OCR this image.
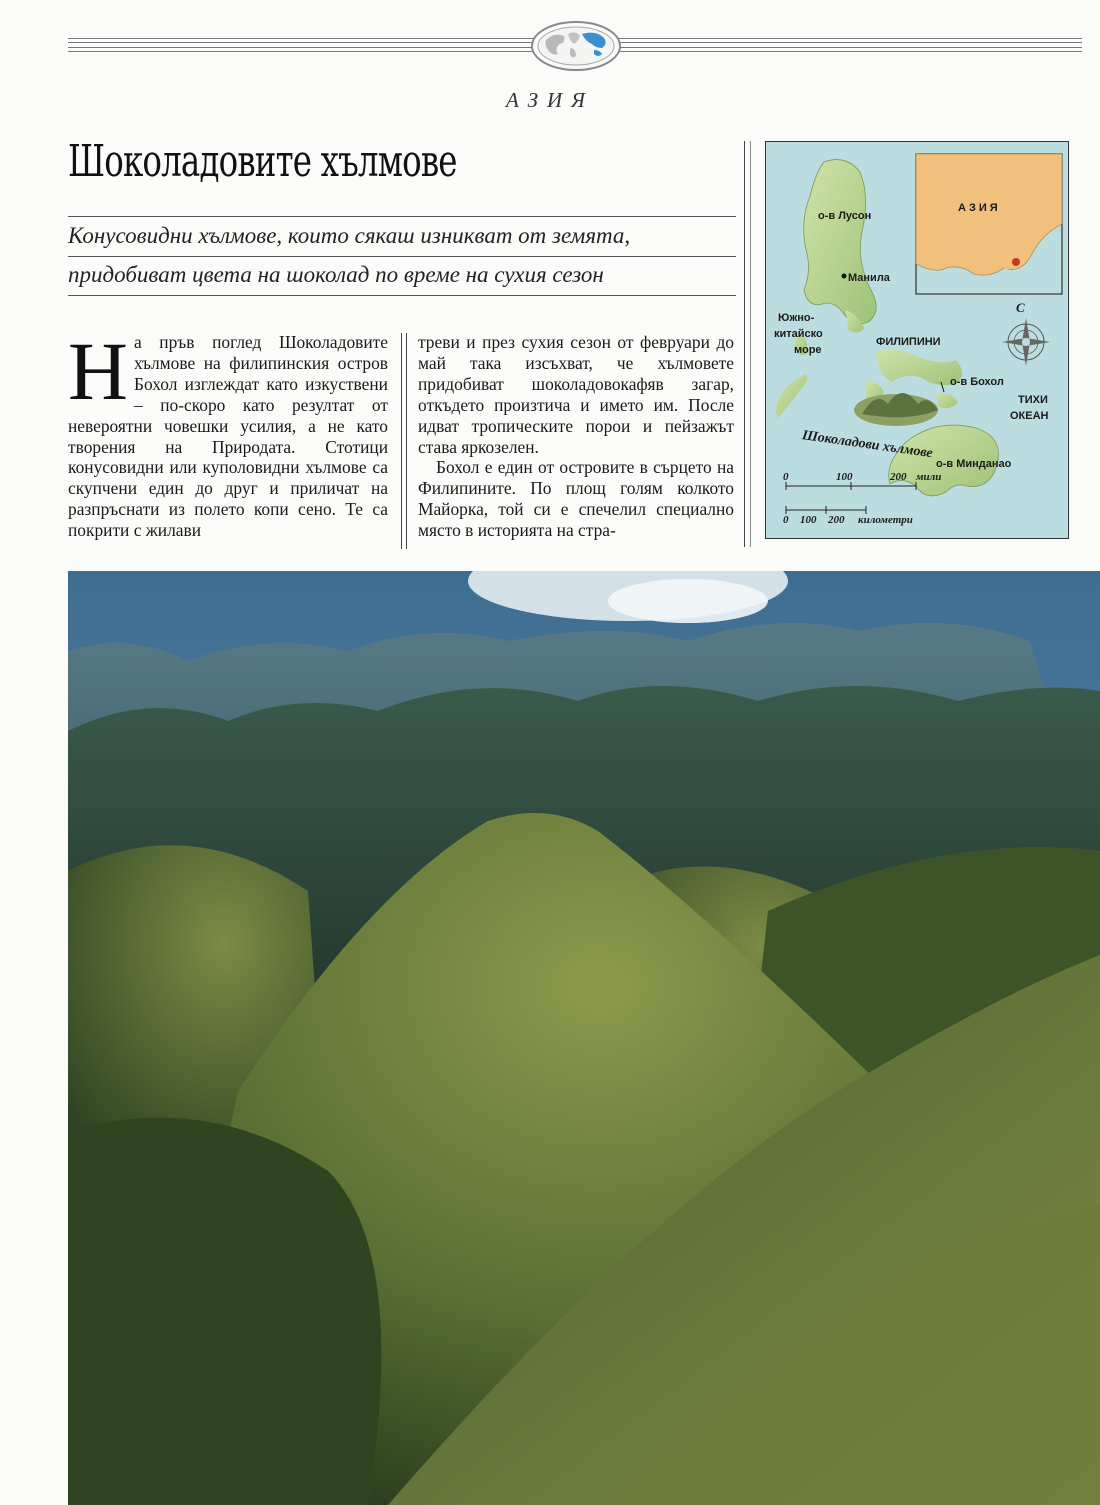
АЗИЯ
Шоколадовите хълмове
Конусовидни хълмове, които сякаш изникват от земята,
придобиват цвета на шоколад по време на сухия сезон
На пръв поглед Шоколадовите хълмове на филипинския остров Бохол изглеждат като изкуствени – по-скоро като резултат от невероятни човешки усилия, а не като творения на Природата. Стотици конусовидни или куполовидни хълмове са скупчени един до друг и приличат на разпръснати из полето копи сено. Те са покрити с жилави
треви и през сухия сезон от февруари до май така изсъхват, че хълмовете придобиват шоколадовокафяв загар, откъдето произтича и името им. После идват тропическите порои и пейзажът става яркозелен.
Бохол е един от островите в сърцето на Филипините. По площ голям колкото Майорка, той си е спечелил специално място в историята на стра-
о-в Лусон
Манила
АЗИЯ
Южно-
китайско
море
ФИЛИПИНИ
С
о-в Бохол
ТИХИ
ОКЕАН
Шоколадови хълмове
о-в Минданао
0	100	200 мили
0 100 200 километри
